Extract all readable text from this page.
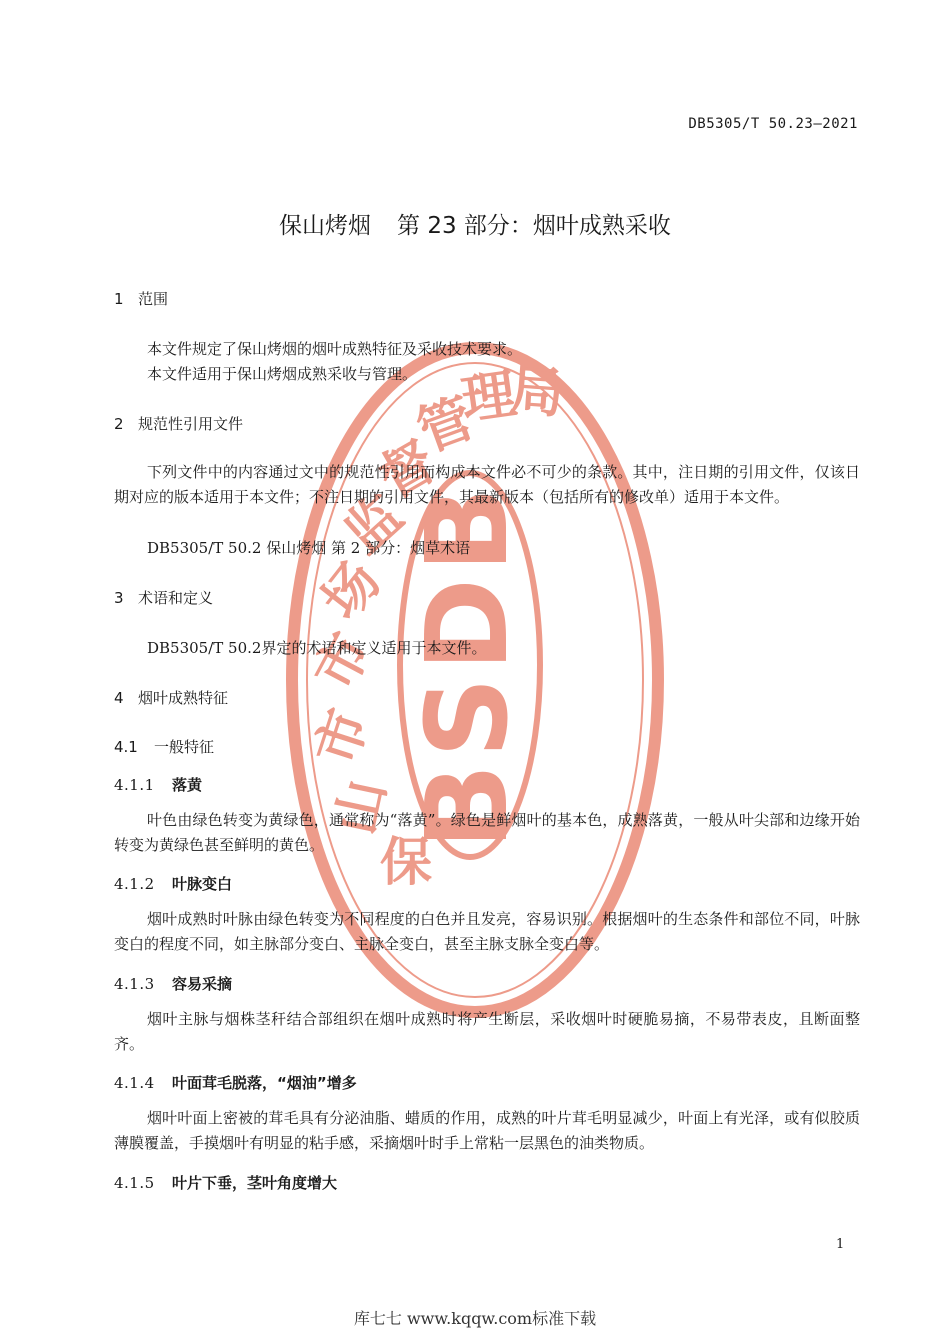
BSDB
保
山
市
市
场
监
督
管
理
局
DB5305/T 50.23—2021
保山烤烟 第 23 部分：烟叶成熟采收
1 范围
本文件规定了保山烤烟的烟叶成熟特征及采收技术要求。
本文件适用于保山烤烟成熟采收与管理。
2 规范性引用文件
下列文件中的内容通过文中的规范性引用而构成本文件必不可少的条款。其中，注日期的引用文件，仅该日期对应的版本适用于本文件；不注日期的引用文件，其最新版本（包括所有的修改单）适用于本文件。
DB5305/T 50.2 保山烤烟 第 2 部分：烟草术语
3 术语和定义
DB5305/T 50.2界定的术语和定义适用于本文件。
4 烟叶成熟特征
4.1 一般特征
4.1.1 落黄
叶色由绿色转变为黄绿色，通常称为“落黄”。绿色是鲜烟叶的基本色，成熟落黄，一般从叶尖部和边缘开始转变为黄绿色甚至鲜明的黄色。
4.1.2 叶脉变白
烟叶成熟时叶脉由绿色转变为不同程度的白色并且发亮，容易识别。根据烟叶的生态条件和部位不同，叶脉变白的程度不同，如主脉部分变白、主脉全变白，甚至主脉支脉全变白等。
4.1.3 容易采摘
烟叶主脉与烟株茎秆结合部组织在烟叶成熟时将产生断层，采收烟叶时硬脆易摘，不易带表皮，且断面整齐。
4.1.4 叶面茸毛脱落，“烟油”增多
烟叶叶面上密被的茸毛具有分泌油脂、蜡质的作用，成熟的叶片茸毛明显减少，叶面上有光泽，或有似胶质薄膜覆盖，手摸烟叶有明显的粘手感，采摘烟叶时手上常粘一层黑色的油类物质。
4.1.5 叶片下垂，茎叶角度增大
1
库七七 www.kqqw.com标准下载
